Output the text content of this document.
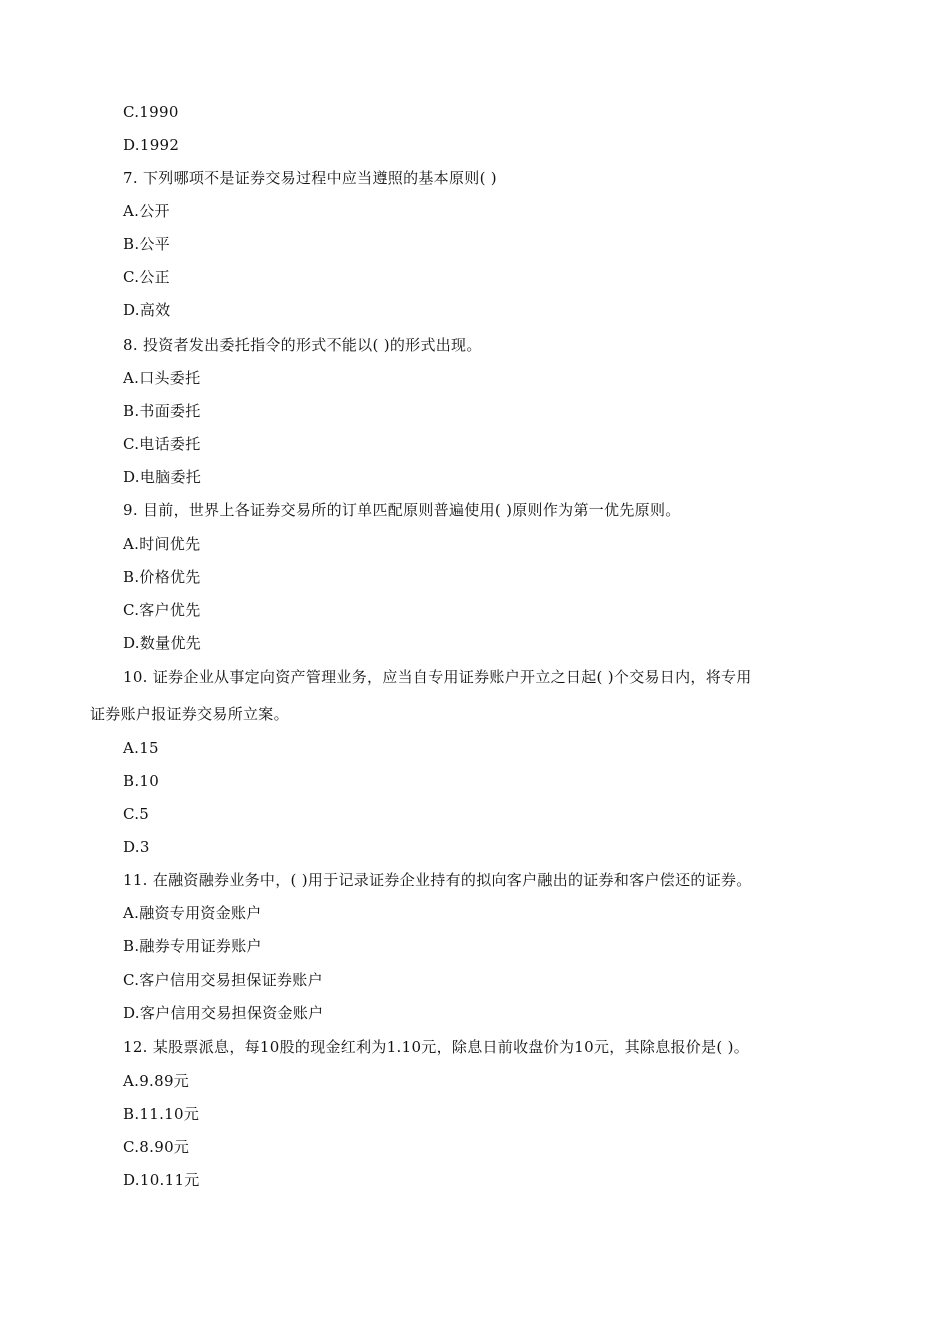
C.1990
D.1992
7. 下列哪项不是证券交易过程中应当遵照的基本原则( )
A.公开
B.公平
C.公正
D.高效
8. 投资者发出委托指令的形式不能以( )的形式出现。
A.口头委托
B.书面委托
C.电话委托
D.电脑委托
9. 目前，世界上各证券交易所的订单匹配原则普遍使用( )原则作为第一优先原则。
A.时间优先
B.价格优先
C.客户优先
D.数量优先
10. 证券企业从事定向资产管理业务，应当自专用证券账户开立之日起( )个交易日内，将专用
证券账户报证券交易所立案。
A.15
B.10
C.5
D.3
11. 在融资融券业务中，( )用于记录证券企业持有的拟向客户融出的证券和客户偿还的证券。
A.融资专用资金账户
B.融券专用证券账户
C.客户信用交易担保证券账户
D.客户信用交易担保资金账户
12. 某股票派息，每10股的现金红利为1.10元，除息日前收盘价为10元，其除息报价是( )。
A.9.89元
B.11.10元
C.8.90元
D.10.11元
